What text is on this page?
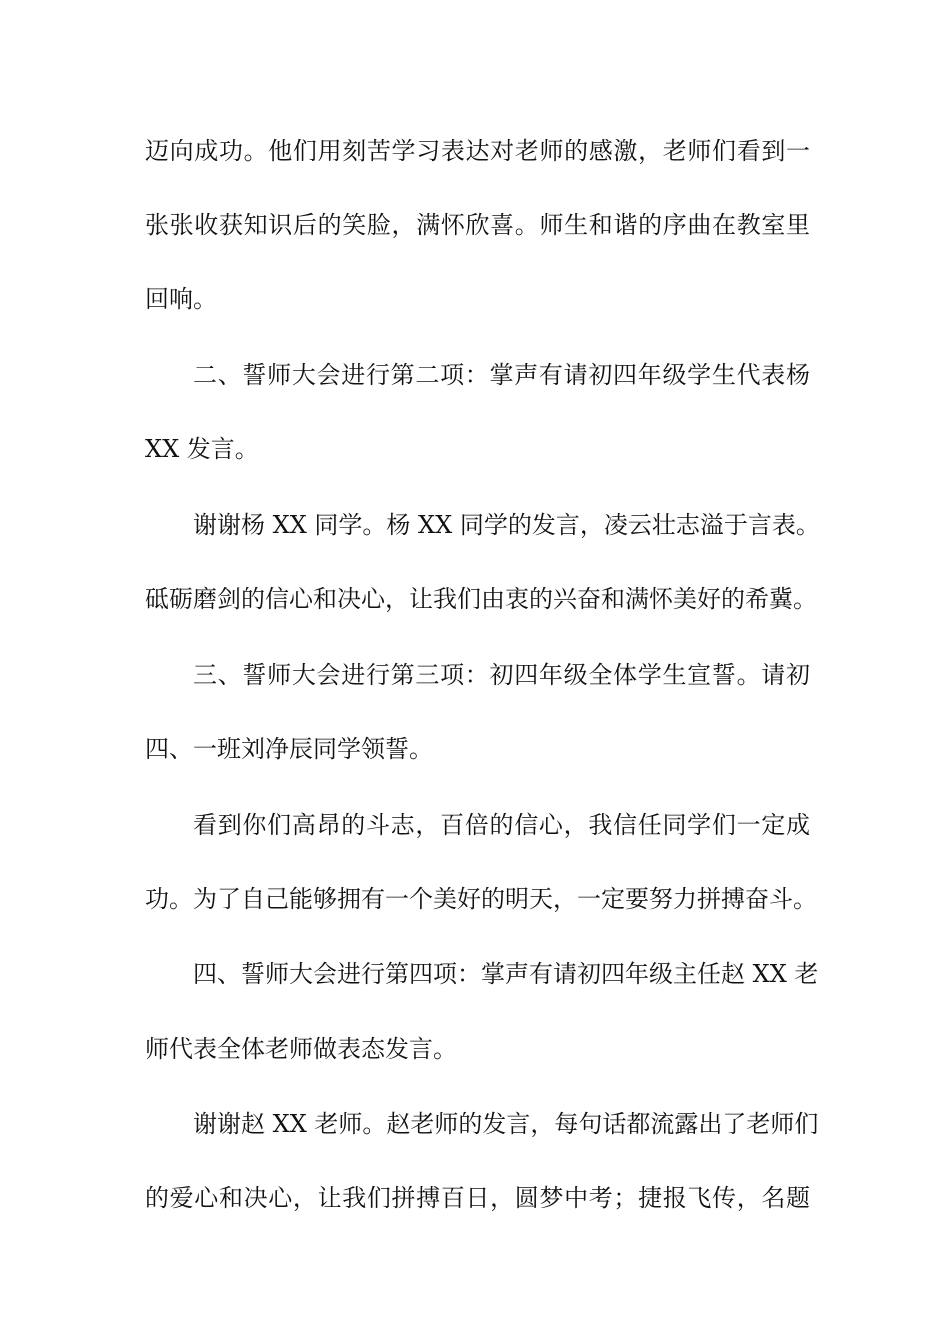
迈向成功。他们用刻苦学习表达对老师的感激，老师们看到一
张张收获知识后的笑脸，满怀欣喜。师生和谐的序曲在教室里
回响。
二、誓师大会进行第二项：掌声有请初四年级学生代表杨
XX 发言。
谢谢杨 XX 同学。杨 XX 同学的发言，凌云壮志溢于言表。
砥砺磨剑的信心和决心，让我们由衷的兴奋和满怀美好的希冀。
三、誓师大会进行第三项：初四年级全体学生宣誓。请初
四、一班刘净辰同学领誓。
看到你们高昂的斗志，百倍的信心，我信任同学们一定成
功。为了自己能够拥有一个美好的明天，一定要努力拼搏奋斗。
四、誓师大会进行第四项：掌声有请初四年级主任赵 XX 老
师代表全体老师做表态发言。
谢谢赵 XX 老师。赵老师的发言，每句话都流露出了老师们
的爱心和决心，让我们拼搏百日，圆梦中考；捷报飞传，名题
